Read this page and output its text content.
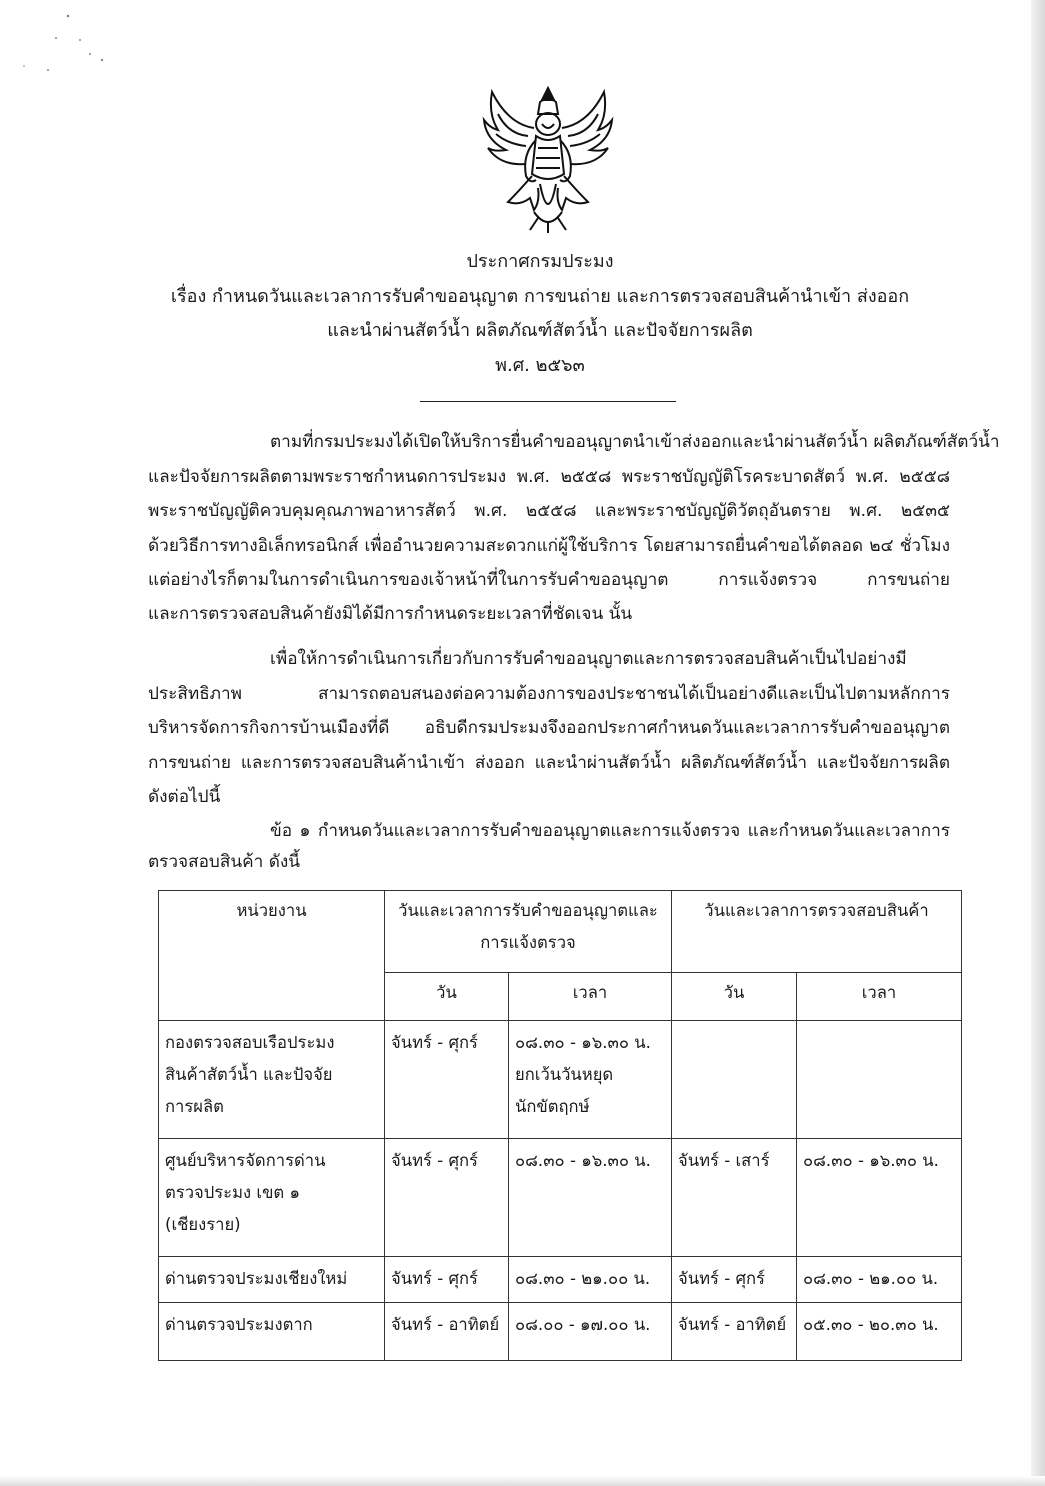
ประกาศกรมประมง
เรื่อง กำหนดวันและเวลาการรับคำขออนุญาต การขนถ่าย และการตรวจสอบสินค้านำเข้า ส่งออก
และนำผ่านสัตว์น้ำ ผลิตภัณฑ์สัตว์น้ำ และปัจจัยการผลิต
พ.ศ. ๒๕๖๓
ตามที่กรมประมงได้เปิดให้บริการยื่นคำขออนุญาตนำเข้าส่งออกและนำผ่านสัตว์น้ำ ผลิตภัณฑ์สัตว์น้ำ
และปัจจัยการผลิตตามพระราชกำหนดการประมง พ.ศ. ๒๕๕๘ พระราชบัญญัติโรคระบาดสัตว์ พ.ศ. ๒๕๕๘
พระราชบัญญัติควบคุมคุณภาพอาหารสัตว์ พ.ศ. ๒๕๕๘ และพระราชบัญญัติวัตถุอันตราย พ.ศ. ๒๕๓๕
ด้วยวิธีการทางอิเล็กทรอนิกส์ เพื่ออำนวยความสะดวกแก่ผู้ใช้บริการ โดยสามารถยื่นคำขอได้ตลอด ๒๔ ชั่วโมง
แต่อย่างไรก็ตามในการดำเนินการของเจ้าหน้าที่ในการรับคำขออนุญาต การแจ้งตรวจ การขนถ่าย
และการตรวจสอบสินค้ายังมิได้มีการกำหนดระยะเวลาที่ชัดเจน นั้น
เพื่อให้การดำเนินการเกี่ยวกับการรับคำขออนุญาตและการตรวจสอบสินค้าเป็นไปอย่างมี
ประสิทธิภาพ สามารถตอบสนองต่อความต้องการของประชาชนได้เป็นอย่างดีและเป็นไปตามหลักการ
บริหารจัดการกิจการบ้านเมืองที่ดี อธิบดีกรมประมงจึงออกประกาศกำหนดวันและเวลาการรับคำขออนุญาต
การขนถ่าย และการตรวจสอบสินค้านำเข้า ส่งออก และนำผ่านสัตว์น้ำ ผลิตภัณฑ์สัตว์น้ำ และปัจจัยการผลิต
ดังต่อไปนี้
ข้อ ๑ กำหนดวันและเวลาการรับคำขออนุญาตและการแจ้งตรวจ และกำหนดวันและเวลาการ
ตรวจสอบสินค้า ดังนี้
หน่วยงาน	วันและเวลาการรับคำขออนุญาตและ
การแจ้งตรวจ		วันและเวลาการตรวจสอบสินค้า	
	วัน	เวลา	วัน	เวลา

กองตรวจสอบเรือประมง
สินค้าสัตว์น้ำ และปัจจัย
การผลิต	จันทร์ - ศุกร์	๐๘.๓๐ - ๑๖.๓๐ น.
ยกเว้นวันหยุด
นักขัตฤกษ์		

ศูนย์บริหารจัดการด่าน
ตรวจประมง เขต ๑
(เชียงราย)	จันทร์ - ศุกร์	๐๘.๓๐ - ๑๖.๓๐ น.	จันทร์ - เสาร์	๐๘.๓๐ - ๑๖.๓๐ น.
ด่านตรวจประมงเชียงใหม่	จันทร์ - ศุกร์	๐๘.๓๐ - ๒๑.๐๐ น.	จันทร์ - ศุกร์	๐๘.๓๐ - ๒๑.๐๐ น.
ด่านตรวจประมงตาก	จันทร์ - อาทิตย์	๐๘.๐๐ - ๑๗.๐๐ น.	จันทร์ - อาทิตย์	๐๕.๓๐ - ๒๐.๓๐ น.
